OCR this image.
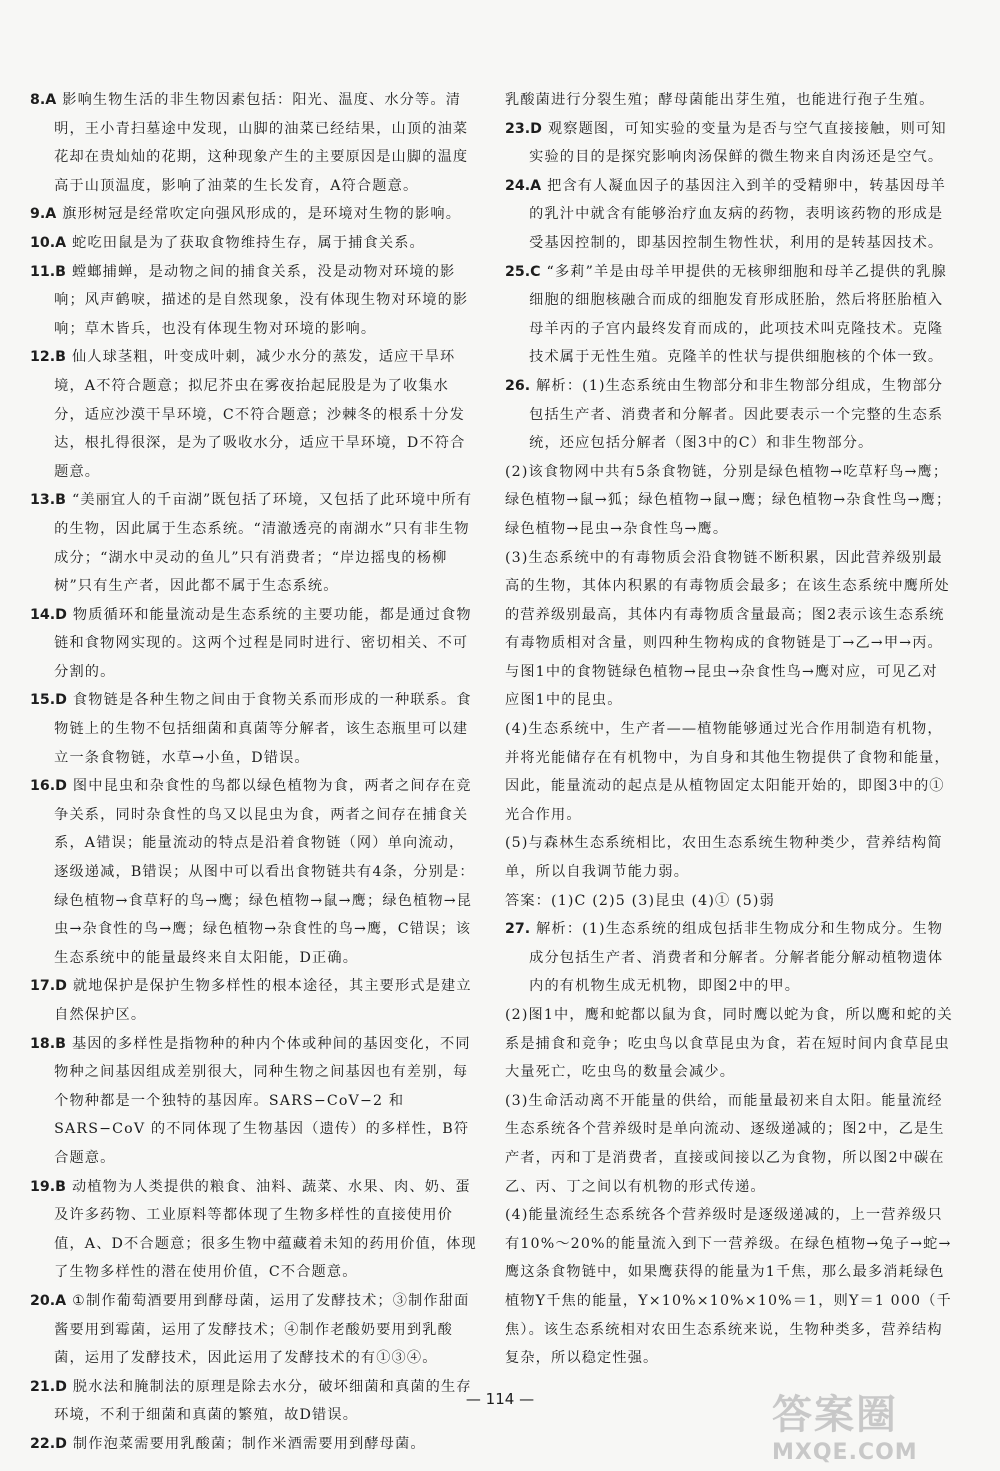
8.A 影响生物生活的非生物因素包括：阳光、温度、水分等。清明，王小青扫墓途中发现，山脚的油菜已经结果，山顶的油菜花却在贵灿灿的花期，这种现象产生的主要原因是山脚的温度高于山顶温度，影响了油菜的生长发育，A符合题意。

9.A 旗形树冠是经常吹定向强风形成的，是环境对生物的影响。

10.A 蛇吃田鼠是为了获取食物维持生存，属于捕食关系。

11.B 螳螂捕蝉，是动物之间的捕食关系，没是动物对环境的影响；风声鹤唳，描述的是自然现象，没有体现生物对环境的影响；草木皆兵，也没有体现生物对环境的影响。

12.B 仙人球茎粗，叶变成叶刺，减少水分的蒸发，适应干旱环境，A不符合题意；拟尼芥虫在雾夜抬起屁股是为了收集水分，适应沙漠干旱环境，C不符合题意；沙棘冬的根系十分发达，根扎得很深，是为了吸收水分，适应干旱环境，D不符合题意。

13.B “美丽宜人的千亩湖”既包括了环境，又包括了此环境中所有的生物，因此属于生态系统。“清澈透亮的南湖水”只有非生物成分；“湖水中灵动的鱼儿”只有消费者；“岸边摇曳的杨柳树”只有生产者，因此都不属于生态系统。

14.D 物质循环和能量流动是生态系统的主要功能，都是通过食物链和食物网实现的。这两个过程是同时进行、密切相关、不可分割的。

15.D 食物链是各种生物之间由于食物关系而形成的一种联系。食物链上的生物不包括细菌和真菌等分解者，该生态瓶里可以建立一条食物链，水草→小鱼，D错误。

16.D 图中昆虫和杂食性的鸟都以绿色植物为食，两者之间存在竞争关系，同时杂食性的鸟又以昆虫为食，两者之间存在捕食关系，A错误；能量流动的特点是沿着食物链（网）单向流动，逐级递减，B错误；从图中可以看出食物链共有4条，分别是：绿色植物→食草籽的鸟→鹰；绿色植物→鼠→鹰；绿色植物→昆虫→杂食性的鸟→鹰；绿色植物→杂食性的鸟→鹰，C错误；该生态系统中的能量最终来自太阳能，D正确。

17.D 就地保护是保护生物多样性的根本途径，其主要形式是建立自然保护区。

18.B 基因的多样性是指物种的种内个体或种间的基因变化，不同物种之间基因组成差别很大，同种生物之间基因也有差别，每个物种都是一个独特的基因库。SARS−CoV−2 和 SARS−CoV 的不同体现了生物基因（遗传）的多样性，B符合题意。

19.B 动植物为人类提供的粮食、油料、蔬菜、水果、肉、奶、蛋及许多药物、工业原料等都体现了生物多样性的直接使用价值，A、D不合题意；很多生物中蕴藏着未知的药用价值，体现了生物多样性的潜在使用价值，C不合题意。

20.A ①制作葡萄酒要用到酵母菌，运用了发酵技术；③制作甜面酱要用到霉菌，运用了发酵技术；④制作老酸奶要用到乳酸菌，运用了发酵技术，因此运用了发酵技术的有①③④。

21.D 脱水法和腌制法的原理是除去水分，破坏细菌和真菌的生存环境，不利于细菌和真菌的繁殖，故D错误。

22.D 制作泡菜需要用乳酸菌；制作米酒需要用到酵母菌。

乳酸菌进行分裂生殖；酵母菌能出芽生殖，也能进行孢子生殖。

23.D 观察题图，可知实验的变量为是否与空气直接接触，则可知实验的目的是探究影响肉汤保鲜的微生物来自肉汤还是空气。

24.A 把含有人凝血因子的基因注入到羊的受精卵中，转基因母羊的乳汁中就含有能够治疗血友病的药物，表明该药物的形成是受基因控制的，即基因控制生物性状，利用的是转基因技术。

25.C “多莉”羊是由母羊甲提供的无核卵细胞和母羊乙提供的乳腺细胞的细胞核融合而成的细胞发育形成胚胎，然后将胚胎植入母羊丙的子宫内最终发育而成的，此项技术叫克隆技术。克隆技术属于无性生殖。克隆羊的性状与提供细胞核的个体一致。

26. 解析：(1)生态系统由生物部分和非生物部分组成，生物部分包括生产者、消费者和分解者。因此要表示一个完整的生态系统，还应包括分解者（图3中的C）和非生物部分。

(2)该食物网中共有5条食物链，分别是绿色植物→吃草籽鸟→鹰；绿色植物→鼠→狐；绿色植物→鼠→鹰；绿色植物→杂食性鸟→鹰；绿色植物→昆虫→杂食性鸟→鹰。

(3)生态系统中的有毒物质会沿食物链不断积累，因此营养级别最高的生物，其体内积累的有毒物质会最多；在该生态系统中鹰所处的营养级别最高，其体内有毒物质含量最高；图2表示该生态系统有毒物质相对含量，则四种生物构成的食物链是丁→乙→甲→丙。与图1中的食物链绿色植物→昆虫→杂食性鸟→鹰对应，可见乙对应图1中的昆虫。

(4)生态系统中，生产者——植物能够通过光合作用制造有机物，并将光能储存在有机物中，为自身和其他生物提供了食物和能量，因此，能量流动的起点是从植物固定太阳能开始的，即图3中的①光合作用。

(5)与森林生态系统相比，农田生态系统生物种类少，营养结构简单，所以自我调节能力弱。

答案：(1)C (2)5 (3)昆虫 (4)① (5)弱

27. 解析：(1)生态系统的组成包括非生物成分和生物成分。生物成分包括生产者、消费者和分解者。分解者能分解动植物遗体内的有机物生成无机物，即图2中的甲。

(2)图1中，鹰和蛇都以鼠为食，同时鹰以蛇为食，所以鹰和蛇的关系是捕食和竞争；吃虫鸟以食草昆虫为食，若在短时间内食草昆虫大量死亡，吃虫鸟的数量会减少。

(3)生命活动离不开能量的供给，而能量最初来自太阳。能量流经生态系统各个营养级时是单向流动、逐级递减的；图2中，乙是生产者，丙和丁是消费者，直接或间接以乙为食物，所以图2中碳在乙、丙、丁之间以有机物的形式传递。

(4)能量流经生态系统各个营养级时是逐级递减的，上一营养级只有10%～20%的能量流入到下一营养级。在绿色植物→兔子→蛇→鹰这条食物链中，如果鹰获得的能量为1千焦，那么最多消耗绿色植物Y千焦的能量，Y×10%×10%×10%＝1，则Y＝1 000（千焦）。该生态系统相对农田生态系统来说，生物种类多，营养结构复杂，所以稳定性强。

— 114 —	答案圈
MXQE.COM
